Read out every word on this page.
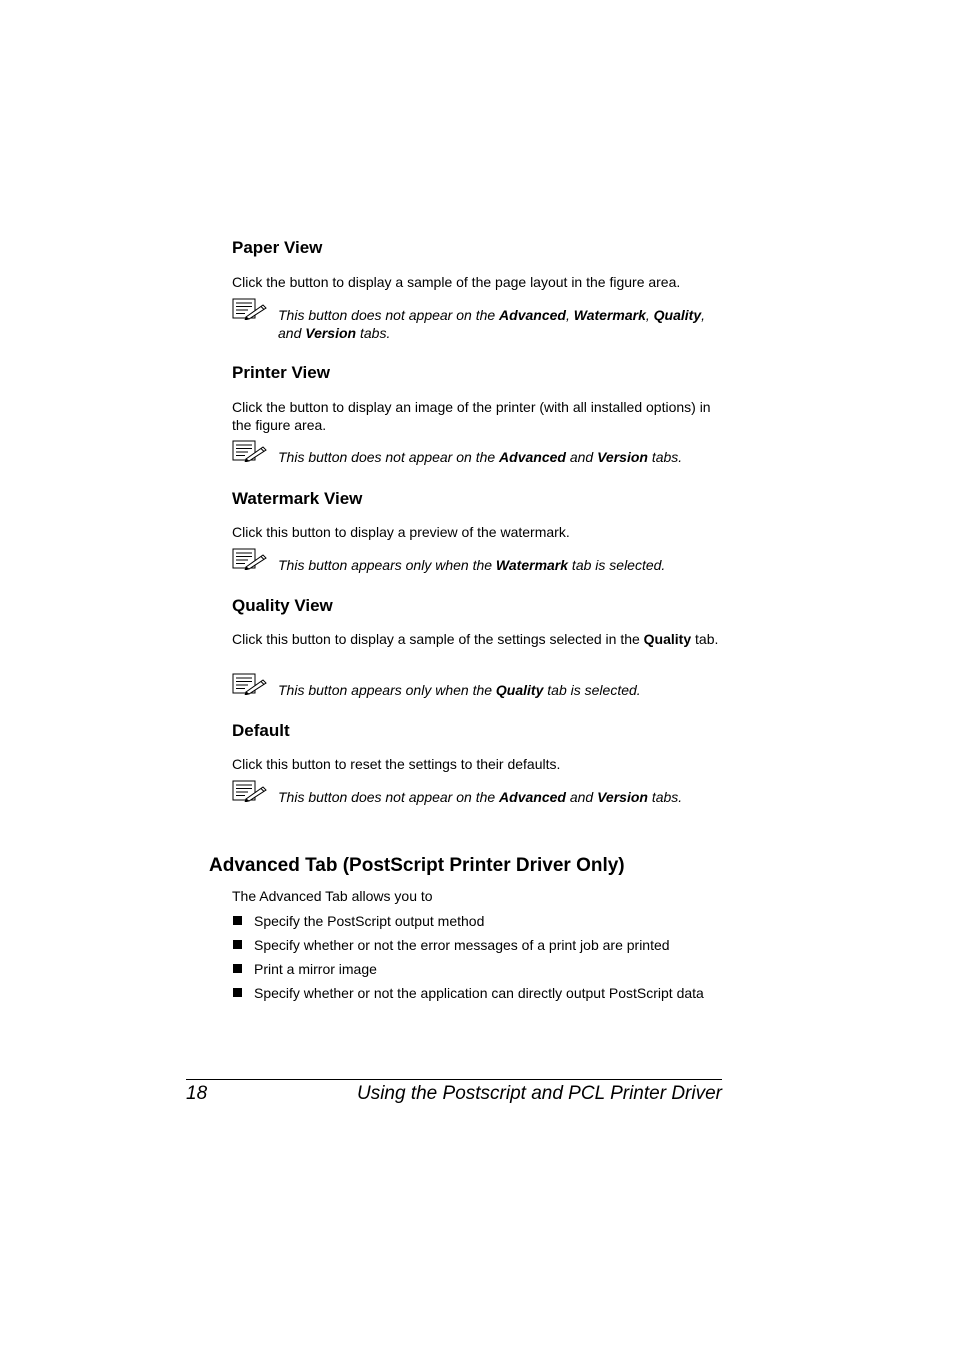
Paper View
Click the button to display a sample of the page layout in the figure area.
This button does not appear on the Advanced, Watermark, Quality,
and Version tabs.
Printer View
Click the button to display an image of the printer (with all installed options) in the figure area.
This button does not appear on the Advanced and Version tabs.
Watermark View
Click this button to display a preview of the watermark.
This button appears only when the Watermark tab is selected.
Quality View
Click this button to display a sample of the settings selected in the Quality tab.
This button appears only when the Quality tab is selected.
Default
Click this button to reset the settings to their defaults.
This button does not appear on the Advanced and Version tabs.
Advanced Tab (PostScript Printer Driver Only)
The Advanced Tab allows you to
Specify the PostScript output method
Specify whether or not the error messages of a print job are printed
Print a mirror image
Specify whether or not the application can directly output PostScript data
18	Using the Postscript and PCL Printer Driver
